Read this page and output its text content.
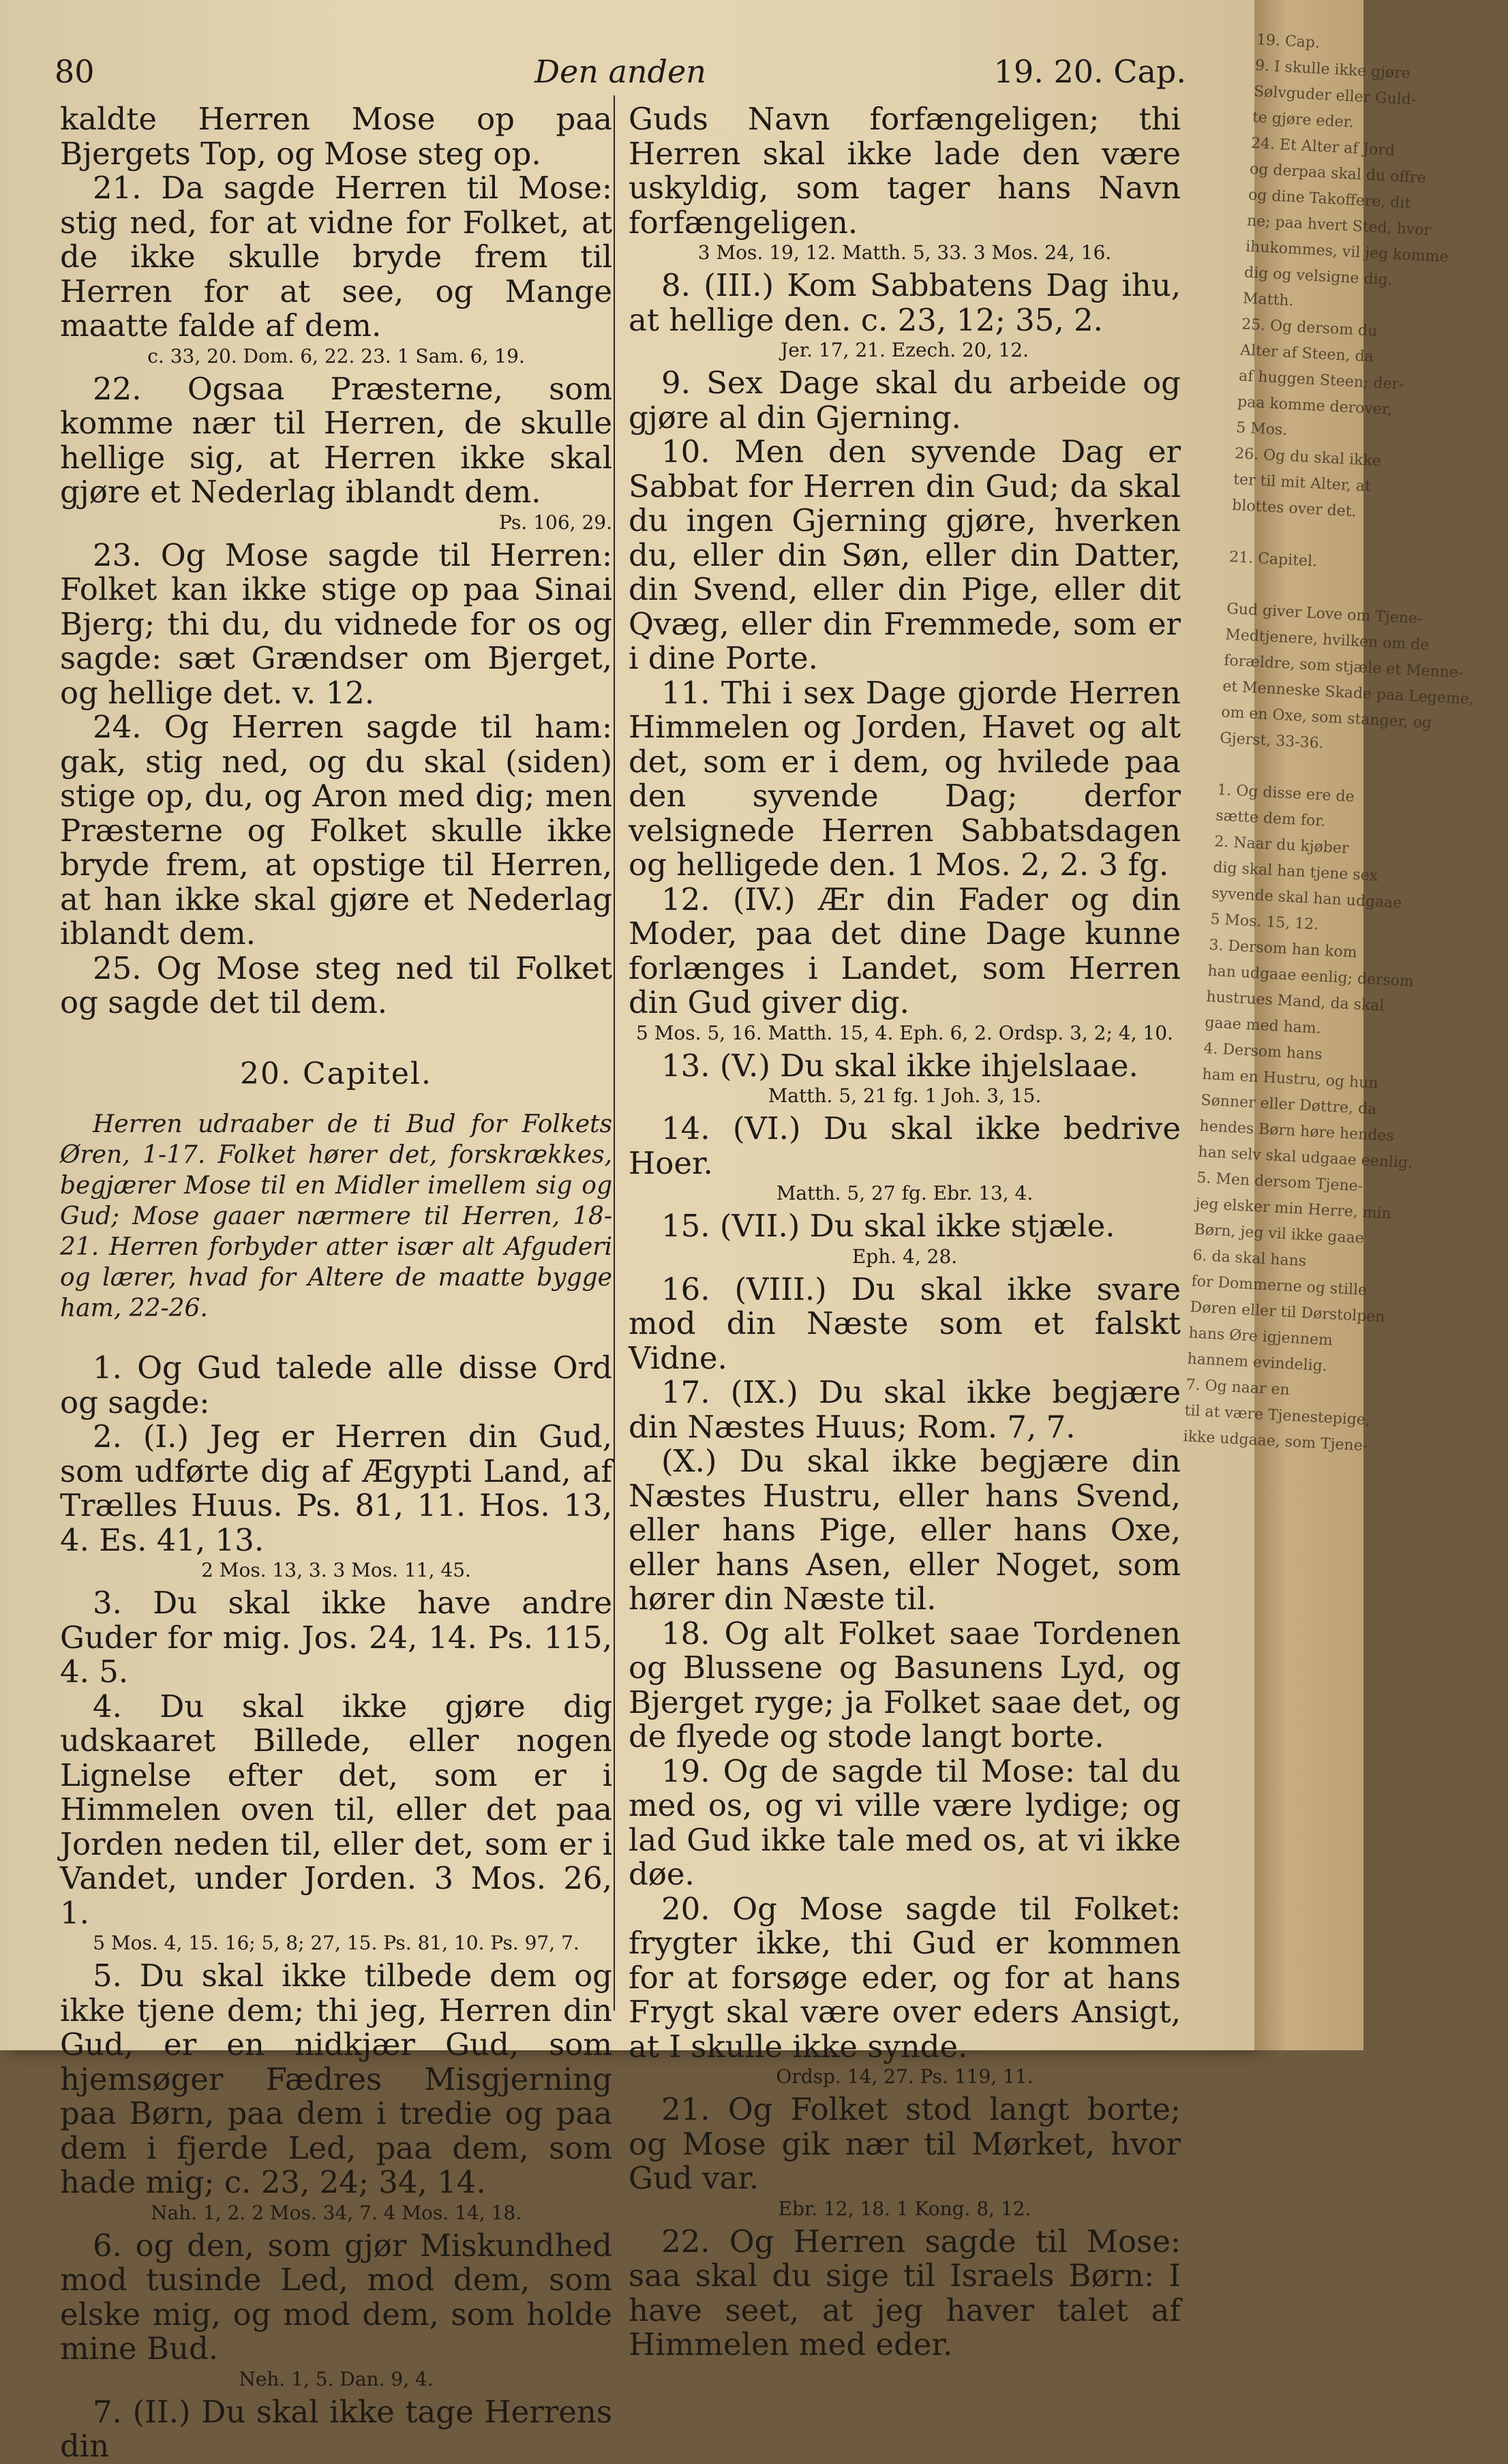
Den anden
80	19. 20. Cap.

kaldte Herren Mose op paa Bjergets Top, og Mose steg op.

21. Da sagde Herren til Mose: stig ned, for at vidne for Folket, at de ikke skulle bryde frem til Herren for at see, og Mange maatte falde af dem.

c. 33, 20. Dom. 6, 22. 23. 1 Sam. 6, 19.

22. Ogsaa Præsterne, som komme nær til Herren, de skulle hellige sig, at Herren ikke skal gjøre et Nederlag iblandt dem.

Ps. 106, 29.

23. Og Mose sagde til Herren: Folket kan ikke stige op paa Sinai Bjerg; thi du, du vidnede for os og sagde: sæt Grændser om Bjerget, og hellige det. v. 12.

24. Og Herren sagde til ham: gak, stig ned, og du skal (siden) stige op, du, og Aron med dig; men Præsterne og Folket skulle ikke bryde frem, at opstige til Herren, at han ikke skal gjøre et Nederlag iblandt dem.

25. Og Mose steg ned til Folket og sagde det til dem.

20. Capitel.

Herren udraaber de ti Bud for Folkets Øren, 1-17. Folket hører det, forskrækkes, begjærer Mose til en Midler imellem sig og Gud; Mose gaaer nærmere til Herren, 18-21. Herren forbyder atter især alt Afguderi og lærer, hvad for Altere de maatte bygge ham, 22-26.

1. Og Gud talede alle disse Ord og sagde:

2. (I.) Jeg er Herren din Gud, som udførte dig af Ægypti Land, af Trælles Huus. Ps. 81, 11. Hos. 13, 4. Es. 41, 13.

2 Mos. 13, 3. 3 Mos. 11, 45.

3. Du skal ikke have andre Guder for mig. Jos. 24, 14. Ps. 115, 4. 5.

4. Du skal ikke gjøre dig udskaaret Billede, eller nogen Lignelse efter det, som er i Himmelen oven til, eller det paa Jorden neden til, eller det, som er i Vandet, under Jorden. 3 Mos. 26, 1.

5 Mos. 4, 15. 16; 5, 8; 27, 15. Ps. 81, 10. Ps. 97, 7.

5. Du skal ikke tilbede dem og ikke tjene dem; thi jeg, Herren din Gud, er en nidkjær Gud, som hjemsøger Fædres Misgjerning paa Børn, paa dem i tredie og paa dem i fjerde Led, paa dem, som hade mig; c. 23, 24; 34, 14.

Nah. 1, 2. 2 Mos. 34, 7. 4 Mos. 14, 18.

6. og den, som gjør Miskundhed mod tusinde Led, mod dem, som elske mig, og mod dem, som holde mine Bud.

Neh. 1, 5. Dan. 9, 4.

7. (II.) Du skal ikke tage Herrens din

Guds Navn forfængeligen; thi Herren skal ikke lade den være uskyldig, som tager hans Navn forfængeligen.

3 Mos. 19, 12. Matth. 5, 33. 3 Mos. 24, 16.

8. (III.) Kom Sabbatens Dag ihu, at hellige den. c. 23, 12; 35, 2.

Jer. 17, 21. Ezech. 20, 12.

9. Sex Dage skal du arbeide og gjøre al din Gjerning.

10. Men den syvende Dag er Sabbat for Herren din Gud; da skal du ingen Gjerning gjøre, hverken du, eller din Søn, eller din Datter, din Svend, eller din Pige, eller dit Qvæg, eller din Fremmede, som er i dine Porte.

11. Thi i sex Dage gjorde Herren Himmelen og Jorden, Havet og alt det, som er i dem, og hvilede paa den syvende Dag; derfor velsignede Herren Sabbatsdagen og helligede den. 1 Mos. 2, 2. 3 fg.

12. (IV.) Ær din Fader og din Moder, paa det dine Dage kunne forlænges i Landet, som Herren din Gud giver dig.

5 Mos. 5, 16. Matth. 15, 4. Eph. 6, 2. Ordsp. 3, 2; 4, 10.

13. (V.) Du skal ikke ihjelslaae.

Matth. 5, 21 fg. 1 Joh. 3, 15.

14. (VI.) Du skal ikke bedrive Hoer.

Matth. 5, 27 fg. Ebr. 13, 4.

15. (VII.) Du skal ikke stjæle.

Eph. 4, 28.

16. (VIII.) Du skal ikke svare mod din Næste som et falskt Vidne.

17. (IX.) Du skal ikke begjære din Næstes Huus; Rom. 7, 7.

(X.) Du skal ikke begjære din Næstes Hustru, eller hans Svend, eller hans Pige, eller hans Oxe, eller hans Asen, eller Noget, som hører din Næste til.

18. Og alt Folket saae Tordenen og Blussene og Basunens Lyd, og Bjerget ryge; ja Folket saae det, og de flyede og stode langt borte.

19. Og de sagde til Mose: tal du med os, og vi ville være lydige; og lad Gud ikke tale med os, at vi ikke døe.

20. Og Mose sagde til Folket: frygter ikke, thi Gud er kommen for at forsøge eder, og for at hans Frygt skal være over eders Ansigt, at I skulle ikke synde.

Ordsp. 14, 27. Ps. 119, 11.

21. Og Folket stod langt borte; og Mose gik nær til Mørket, hvor Gud var.

Ebr. 12, 18. 1 Kong. 8, 12.

22. Og Herren sagde til Mose: saa skal du sige til Israels Børn: I have seet, at jeg haver talet af Himmelen med eder.

19. Cap.
9. I skulle ikke gjøre
Sølvguder eller Guld-
te gjøre eder.
24. Et Alter af Jord
og derpaa skal du offre
og dine Takoffere, dit
ne; paa hvert Sted, hvor
ihukommes, vil jeg komme
dig og velsigne dig.
Matth.
25. Og dersom du
Alter af Steen, da
af huggen Steen; der-
paa komme derover,
5 Mos.
26. Og du skal ikke
ter til mit Alter, at
blottes over det.

21. Capitel.

Gud giver Love om Tjene-
Medtjenere, hvilken om de
forældre, som stjæle et Menne-
et Menneske Skade paa Legeme,
om en Oxe, som stanger, og
Gjerst, 33-36.

1. Og disse ere de
sætte dem for.
2. Naar du kjøber
dig skal han tjene sex
syvende skal han udgaae
5 Mos. 15, 12.
3. Dersom han kom
han udgaae eenlig; dersom
hustrues Mand, da skal
gaae med ham.
4. Dersom hans
ham en Hustru, og hun
Sønner eller Døttre, da
hendes Børn høre hendes
han selv skal udgaae eenlig.
5. Men dersom Tjene-
jeg elsker min Herre, min
Børn, jeg vil ikke gaae
6. da skal hans
for Dommerne og stille
Døren eller til Dørstolpen
hans Øre igjennem
hannem evindelig.
7. Og naar en
til at være Tjenestepige,
ikke udgaae, som Tjene-
